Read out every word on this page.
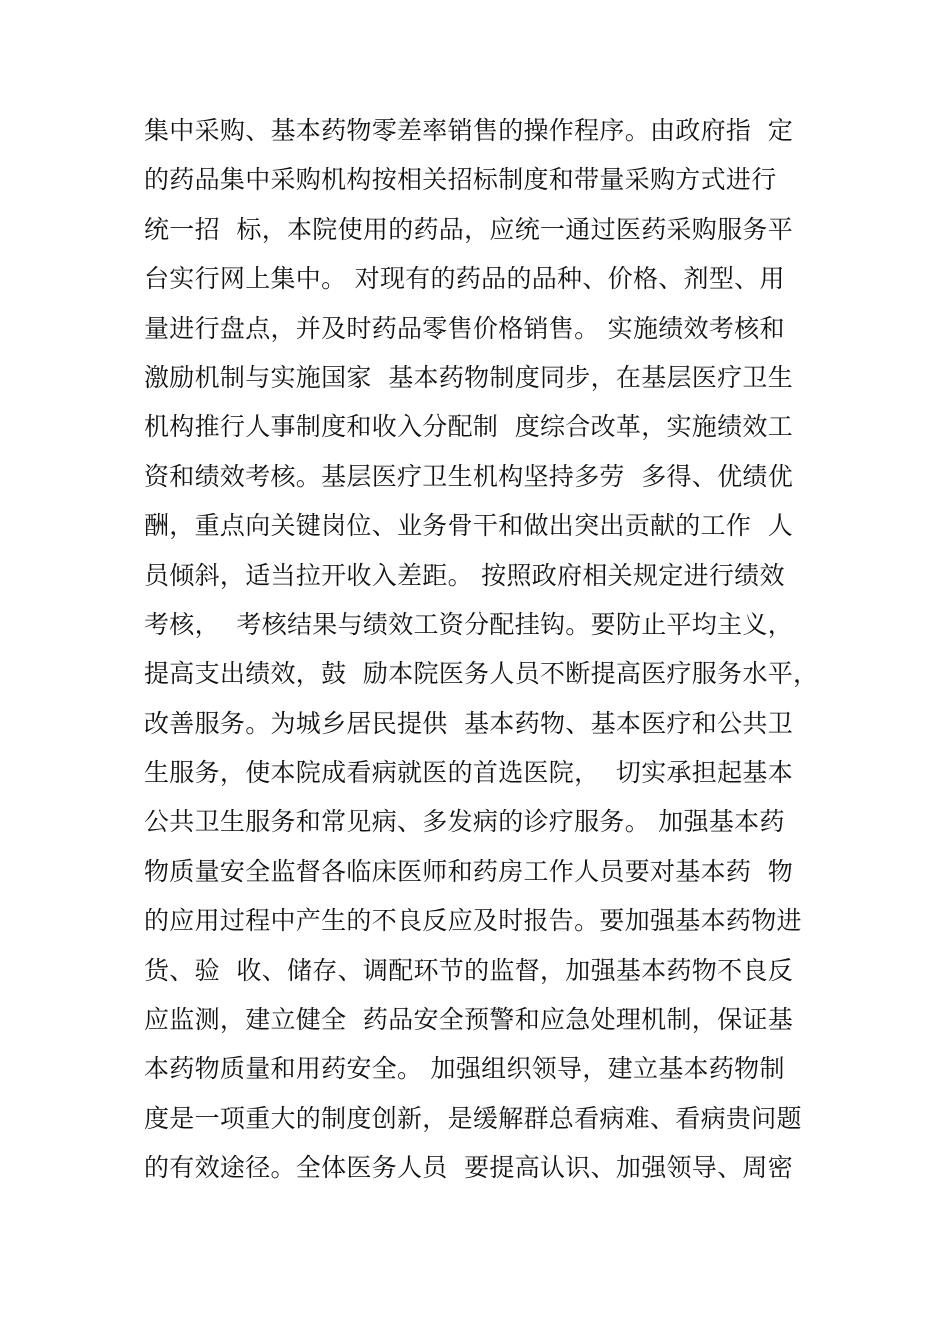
集中采购、基本药物零差率销售的操作程序。由政府指  定
的药品集中采购机构按相关招标制度和带量采购方式进行
统一招  标，本院使用的药品，应统一通过医药采购服务平
台实行网上集中。 对现有的药品的品种、价格、剂型、用
量进行盘点，并及时药品零售价格销售。 实施绩效考核和
激励机制与实施国家  基本药物制度同步，在基层医疗卫生
机构推行人事制度和收入分配制  度综合改革，实施绩效工
资和绩效考核。基层医疗卫生机构坚持多劳  多得、优绩优
酬，重点向关键岗位、业务骨干和做出突出贡献的工作  人
员倾斜，适当拉开收入差距。 按照政府相关规定进行绩效
考核，  考核结果与绩效工资分配挂钩。要防止平均主义，
提高支出绩效，鼓  励本院医务人员不断提高医疗服务水平，
改善服务。为城乡居民提供  基本药物、基本医疗和公共卫
生服务，使本院成看病就医的首选医院，  切实承担起基本
公共卫生服务和常见病、多发病的诊疗服务。 加强基本药
物质量安全监督各临床医师和药房工作人员要对基本药  物
的应用过程中产生的不良反应及时报告。要加强基本药物进
货、验  收、储存、调配环节的监督，加强基本药物不良反
应监测，建立健全  药品安全预警和应急处理机制，保证基
本药物质量和用药安全。 加强组织领导，建立基本药物制
度是一项重大的制度创新，是缓解群总看病难、看病贵问题
的有效途径。全体医务人员  要提高认识、加强领导、周密
